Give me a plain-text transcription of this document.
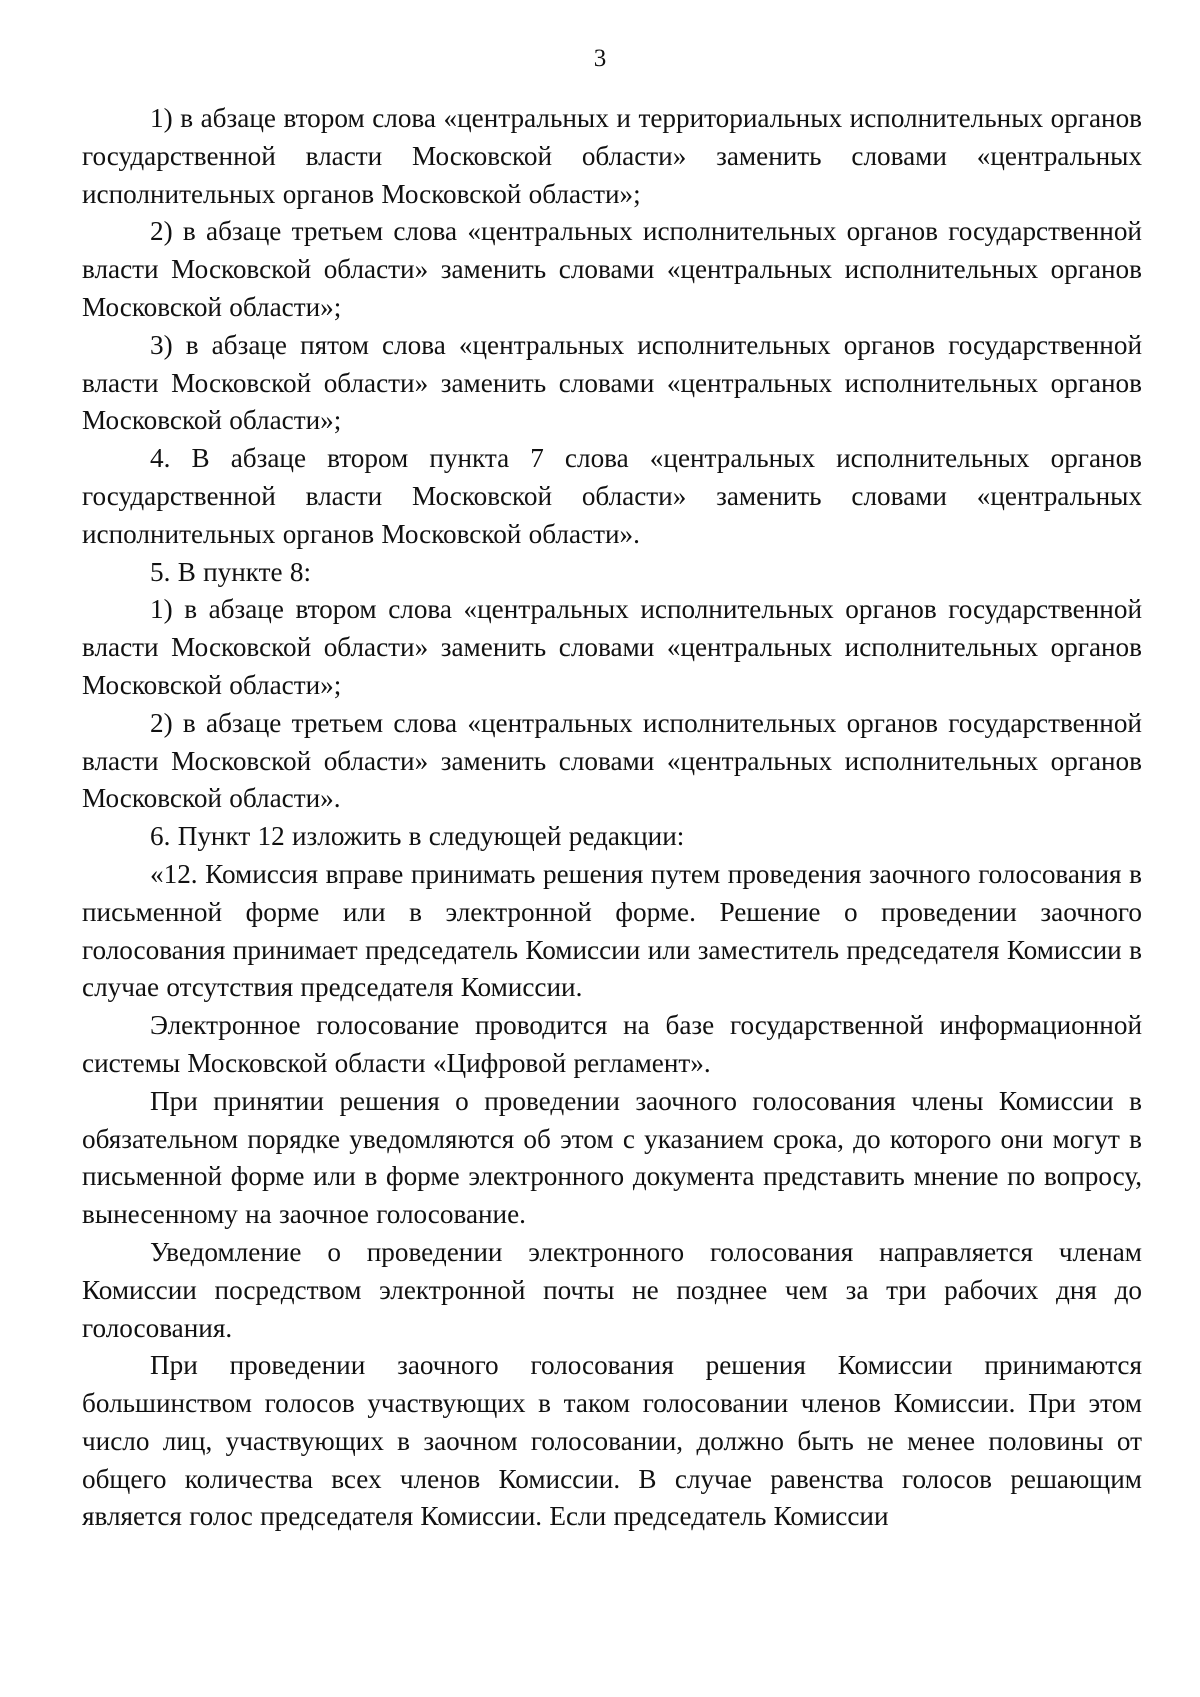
3

1) в абзаце втором слова «центральных и территориальных исполнительных органов государственной власти Московской области» заменить словами «центральных исполнительных органов Московской области»;

2) в абзаце третьем слова «центральных исполнительных органов государственной власти Московской области» заменить словами «центральных исполнительных органов Московской области»;

3) в абзаце пятом слова «центральных исполнительных органов государственной власти Московской области» заменить словами «центральных исполнительных органов Московской области»;

4. В абзаце втором пункта 7 слова «центральных исполнительных органов государственной власти Московской области» заменить словами «центральных исполнительных органов Московской области».

5. В пункте 8:

1) в абзаце втором слова «центральных исполнительных органов государственной власти Московской области» заменить словами «центральных исполнительных органов Московской области»;

2) в абзаце третьем слова «центральных исполнительных органов государственной власти Московской области» заменить словами «центральных исполнительных органов Московской области».

6. Пункт 12 изложить в следующей редакции:

«12. Комиссия вправе принимать решения путем проведения заочного голосования в письменной форме или в электронной форме. Решение о проведении заочного голосования принимает председатель Комиссии или заместитель председателя Комиссии в случае отсутствия председателя Комиссии.

Электронное голосование проводится на базе государственной информационной системы Московской области «Цифровой регламент».

При принятии решения о проведении заочного голосования члены Комиссии в обязательном порядке уведомляются об этом с указанием срока, до которого они могут в письменной форме или в форме электронного документа представить мнение по вопросу, вынесенному на заочное голосование.

Уведомление о проведении электронного голосования направляется членам Комиссии посредством электронной почты не позднее чем за три рабочих дня до голосования.

При проведении заочного голосования решения Комиссии принимаются большинством голосов участвующих в таком голосовании членов Комиссии. При этом число лиц, участвующих в заочном голосовании, должно быть не менее половины от общего количества всех членов Комиссии. В случае равенства голосов решающим является голос председателя Комиссии. Если председатель Комиссии
